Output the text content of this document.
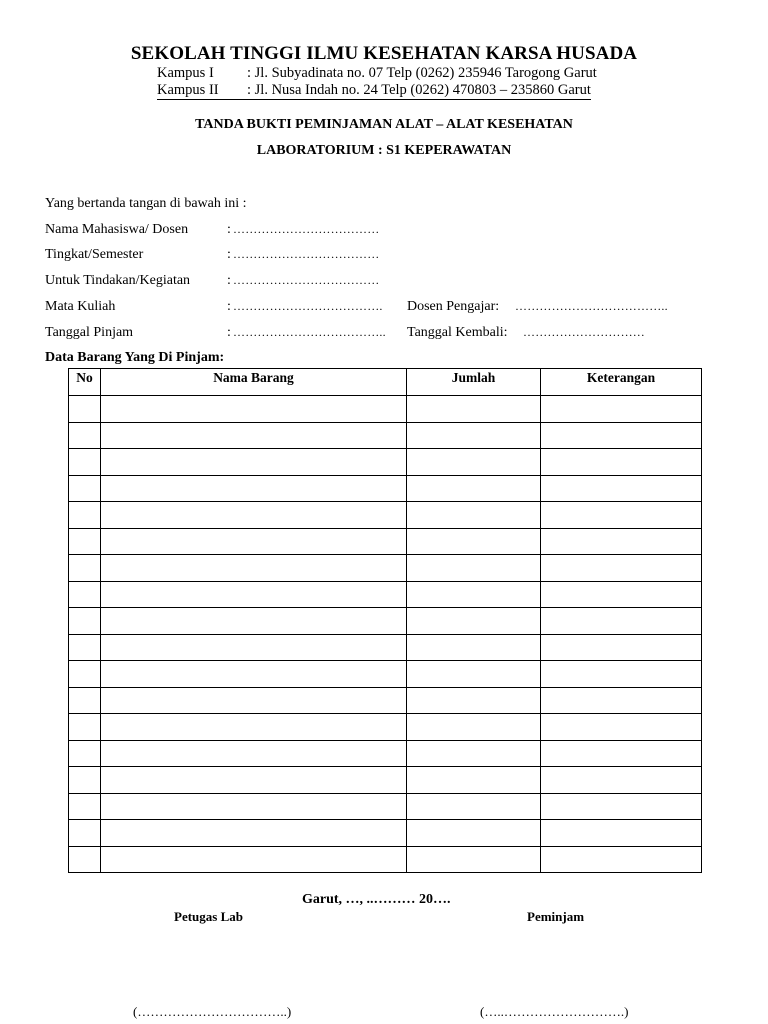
SEKOLAH TINGGI ILMU KESEHATAN KARSA HUSADA
Kampus I : Jl. Subyadinata no. 07 Telp (0262) 235946 Tarogong Garut
Kampus II : Jl. Nusa Indah no. 24 Telp (0262) 470803 – 235860 Garut
TANDA BUKTI PEMINJAMAN ALAT – ALAT KESEHATAN
LABORATORIUM : S1 KEPERAWATAN
Yang bertanda tangan di bawah ini :
Nama Mahasiswa/ Dosen	: ………………………………
Tingkat/Semester	: ………………………………
Untuk Tindakan/Kegiatan	: ………………………………
Mata Kuliah	: ………………………………. Dosen Pengajar: ………………………………..
Tanggal Pinjam	: ……………………………….. Tanggal Kembali: …………………………
Data Barang Yang Di Pinjam:
No	Nama Barang	Jumlah	Keterangan

Garut, …, ..……… 20….
Petugas Lab	Peminjam
(……………………………..)	(…..……………………….)
